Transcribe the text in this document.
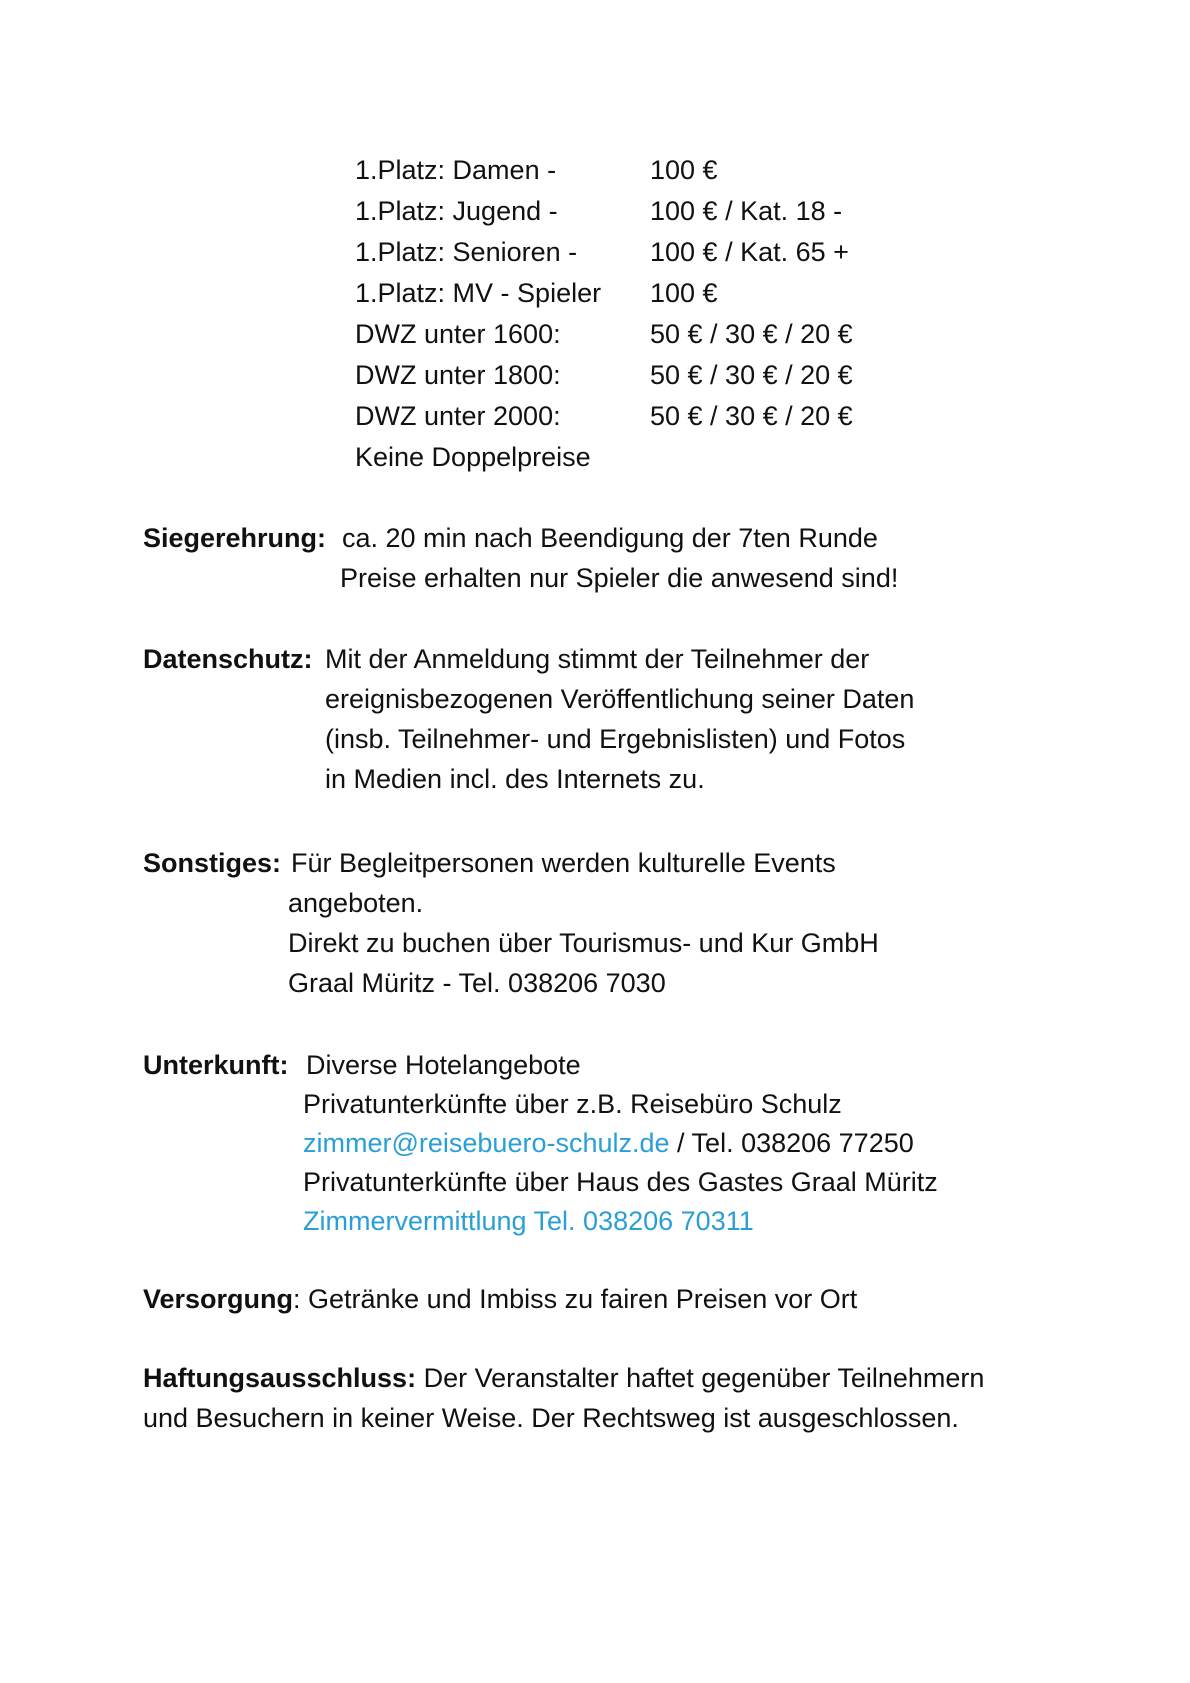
1.Platz: Damen -	100 €
1.Platz: Jugend -	100 € / Kat. 18 -
1.Platz: Senioren -	100 € / Kat. 65 +
1.Platz: MV - Spieler 100 €
DWZ unter 1600:	50 € / 30 € / 20 €
DWZ unter 1800:	50 € / 30 € / 20 €
DWZ unter 2000:	50 € / 30 € / 20 €
Keine Doppelpreise
Siegerehrung: ca. 20 min nach Beendigung der 7ten Runde
Preise erhalten nur Spieler die anwesend sind!
Datenschutz: Mit der Anmeldung stimmt der Teilnehmer der
ereignisbezogenen Veröffentlichung seiner Daten
(insb. Teilnehmer- und Ergebnislisten) und Fotos
in Medien incl. des Internets zu.
Sonstiges: Für Begleitpersonen werden kulturelle Events
angeboten.
Direkt zu buchen über Tourismus- und Kur GmbH
Graal Müritz - Tel. 038206 7030
Unterkunft: Diverse Hotelangebote
Privatunterkünfte über z.B. Reisebüro Schulz
zimmer@reisebuero-schulz.de / Tel. 038206 77250
Privatunterkünfte über Haus des Gastes Graal Müritz
Zimmervermittlung Tel. 038206 70311
Versorgung: Getränke und Imbiss zu fairen Preisen vor Ort
Haftungsausschluss: Der Veranstalter haftet gegenüber Teilnehmern
und Besuchern in keiner Weise. Der Rechtsweg ist ausgeschlossen.
